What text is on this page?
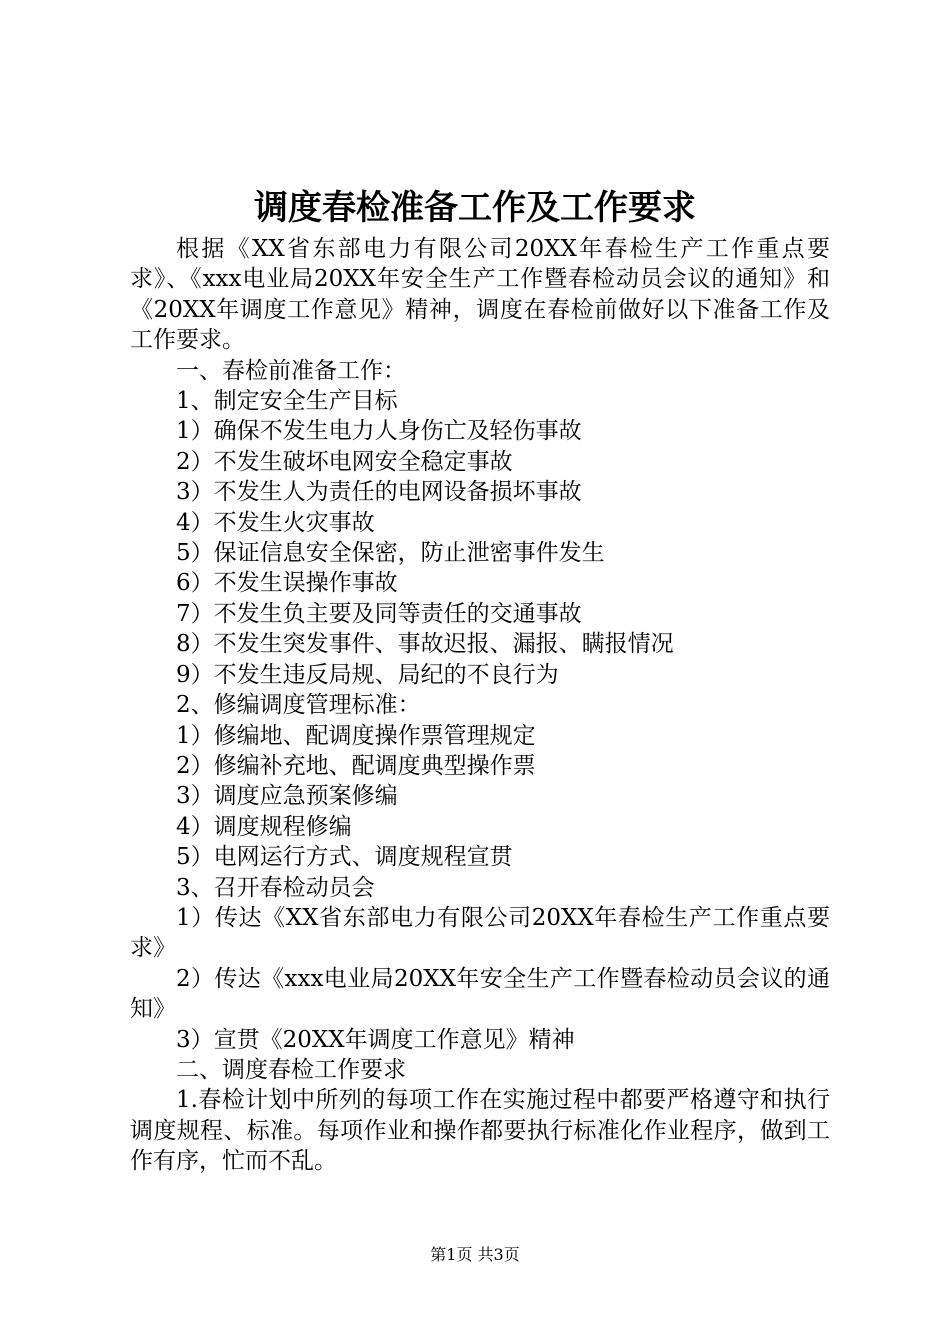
调度春检准备工作及工作要求

根据《XX省东部电力有限公司20XX年春检生产工作重点要求》、《xxx电业局20XX年安全生产工作暨春检动员会议的通知》和《20XX年调度工作意见》精神，调度在春检前做好以下准备工作及工作要求。

一、春检前准备工作：

1、制定安全生产目标

1）确保不发生电力人身伤亡及轻伤事故

2）不发生破坏电网安全稳定事故

3）不发生人为责任的电网设备损坏事故

4）不发生火灾事故

5）保证信息安全保密，防止泄密事件发生

6）不发生误操作事故

7）不发生负主要及同等责任的交通事故

8）不发生突发事件、事故迟报、漏报、瞒报情况

9）不发生违反局规、局纪的不良行为

2、修编调度管理标准：

1）修编地、配调度操作票管理规定

2）修编补充地、配调度典型操作票

3）调度应急预案修编

4）调度规程修编

5）电网运行方式、调度规程宣贯

3、召开春检动员会

1）传达《XX省东部电力有限公司20XX年春检生产工作重点要求》

2）传达《xxx电业局20XX年安全生产工作暨春检动员会议的通知》

3）宣贯《20XX年调度工作意见》精神

二、调度春检工作要求

1.春检计划中所列的每项工作在实施过程中都要严格遵守和执行调度规程、标准。每项作业和操作都要执行标准化作业程序，做到工作有序，忙而不乱。

第1页 共3页
